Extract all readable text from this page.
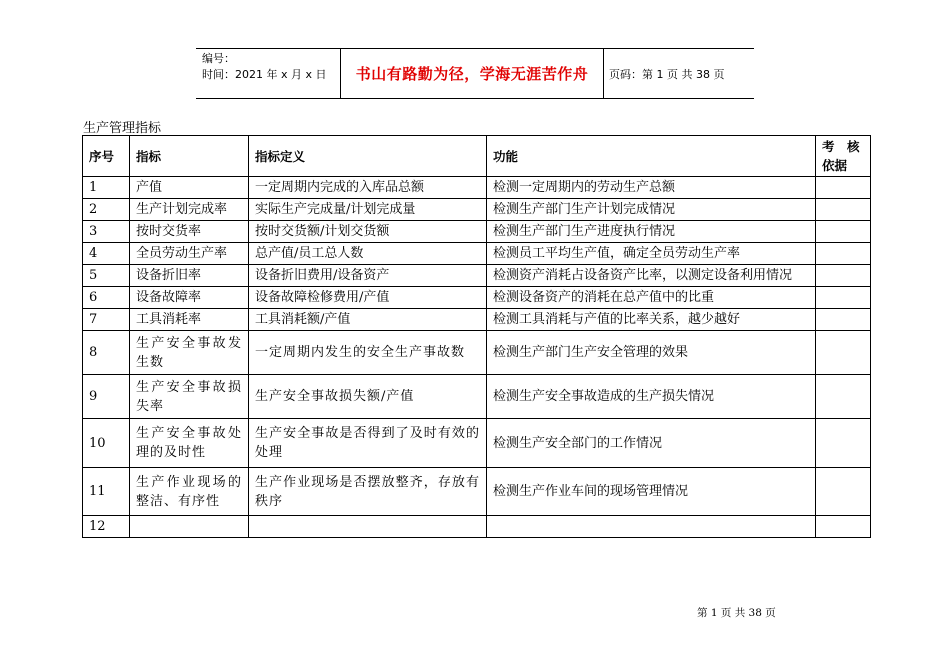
编号：
时间：2021 年 x 月 x 日	书山有路勤为径，学海无涯苦作舟	页码：第 1 页 共 38 页
生产管理指标
序号	指标	指标定义	功能	考　核
依据

1	产值	一定周期内完成的入库品总额	检测一定周期内的劳动生产总额	
2	生产计划完成率	实际生产完成量/计划完成量	检测生产部门生产计划完成情况	
3	按时交货率	按时交货额/计划交货额	检测生产部门生产进度执行情况	
4	全员劳动生产率	总产值/员工总人数	检测员工平均生产值，确定全员劳动生产率	
5	设备折旧率	设备折旧费用/设备资产	检测资产消耗占设备资产比率，以测定设备利用情况	
6	设备故障率	设备故障检修费用/产值	检测设备资产的消耗在总产值中的比重	
7	工具消耗率	工具消耗额/产值	检测工具消耗与产值的比率关系，越少越好	
8	生产安全事故发生数	一定周期内发生的安全生产事故数	检测生产部门生产安全管理的效果	
9	生产安全事故损失率	生产安全事故损失额/产值	检测生产安全事故造成的生产损失情况	
10	生产安全事故处理的及时性	生产安全事故是否得到了及时有效的处理	检测生产安全部门的工作情况	
11	生产作业现场的整洁、有序性	生产作业现场是否摆放整齐，存放有秩序	检测生产作业车间的现场管理情况	
12				
第 1 页 共 38 页
